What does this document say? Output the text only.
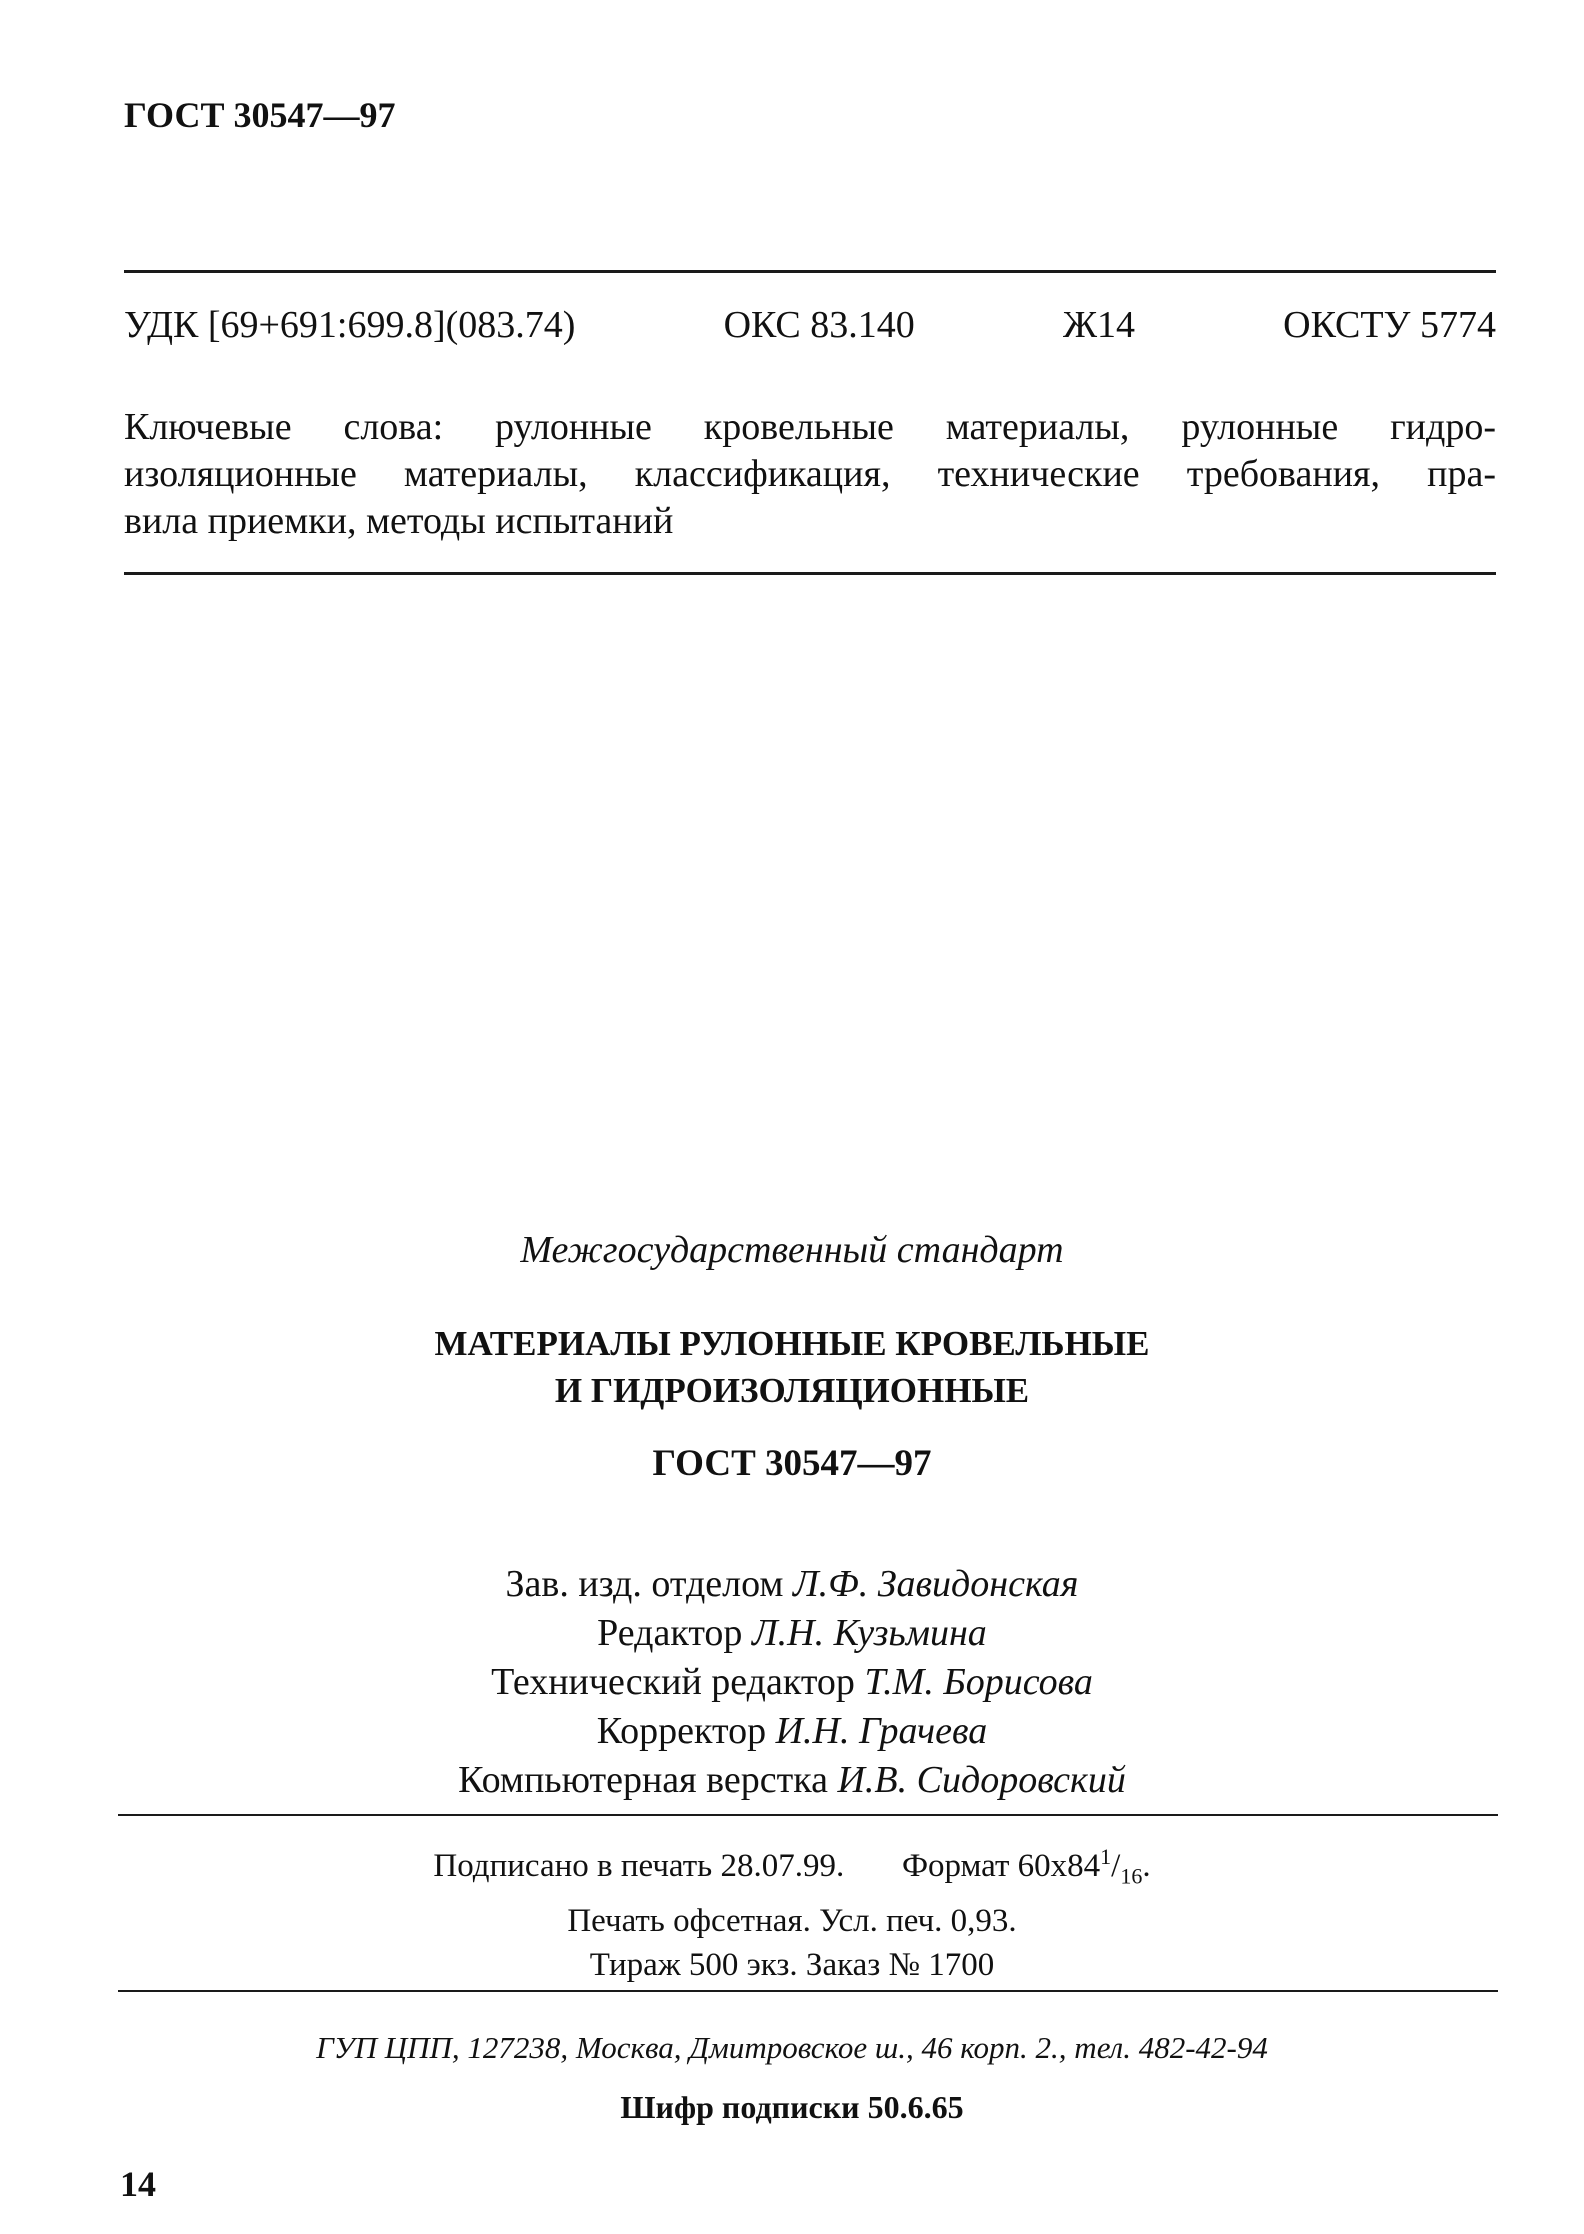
ГОСТ 30547—97
УДК [69+691:699.8](083.74)	ОКС 83.140	Ж14	ОКСТУ 5774
Ключевые слова: рулонные кровельные материалы, рулонные гидро-
изоляционные материалы, классификация, технические требования, пра-
вила приемки, методы испытаний
Межгосударственный стандарт
МАТЕРИАЛЫ РУЛОННЫЕ КРОВЕЛЬНЫЕ
И ГИДРОИЗОЛЯЦИОННЫЕ
ГОСТ 30547—97
Зав. изд. отделом Л.Ф. Завидонская
Редактор Л.Н. Кузьмина
Технический редактор Т.М. Борисова
Корректор И.Н. Грачева
Компьютерная верстка И.В. Сидоровский
Подписано в печать 28.07.99. Формат $60х84^1/_{16}$.
Печать офсетная. Усл. печ. 0,93.
Тираж 500 экз. Заказ № 1700
ГУП ЦПП, 127238, Москва, Дмитровское ш., 46 корп. 2., тел. 482-42-94
Шифр подписки 50.6.65
14
